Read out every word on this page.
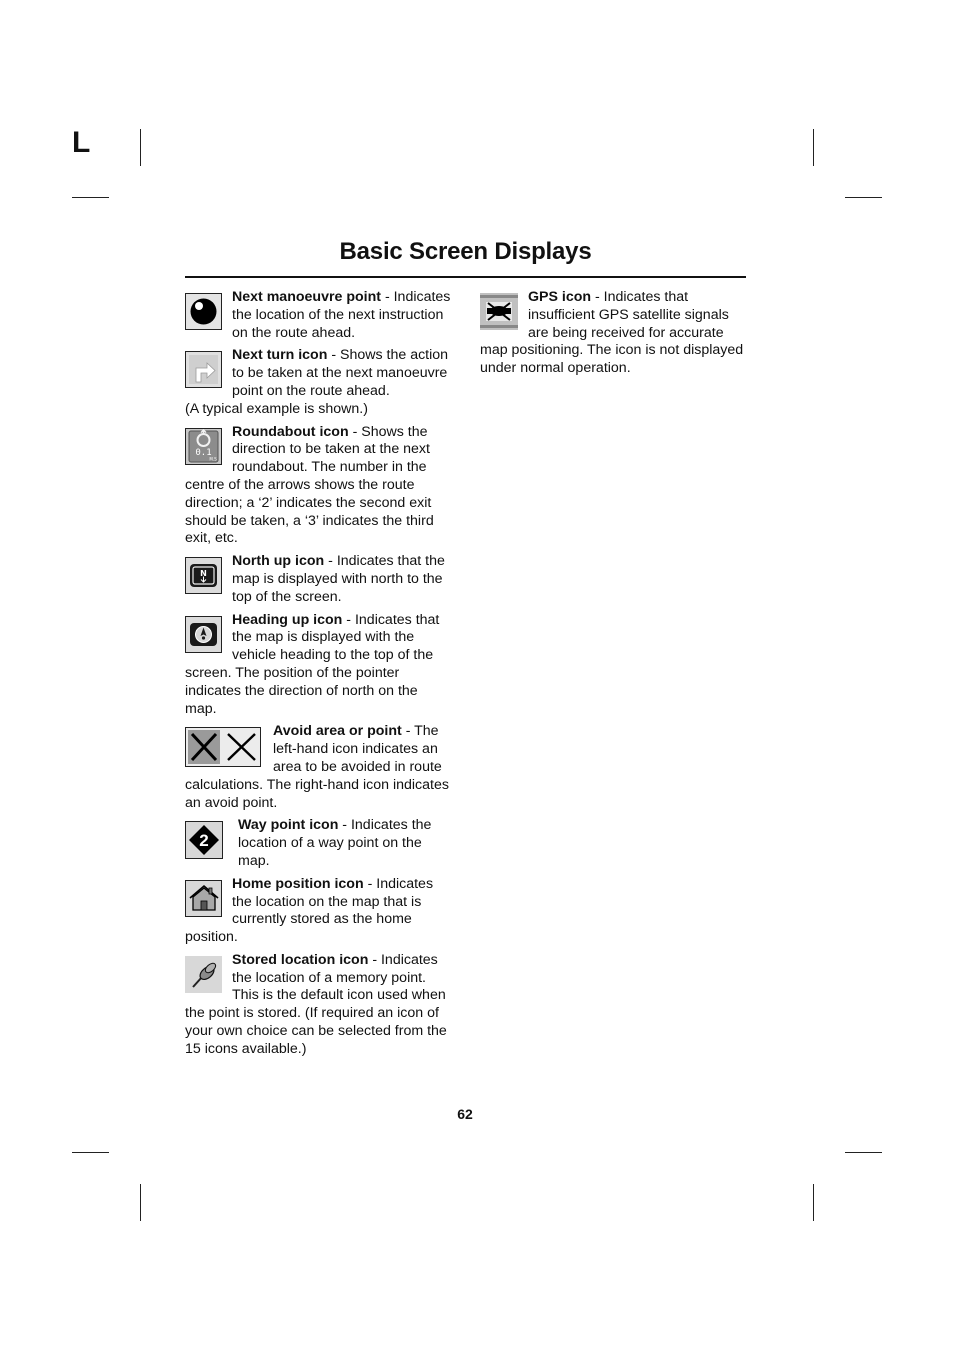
L
Basic Screen Displays

Next manoeuvre point - Indicates the location of the next instruction on the route ahead.

Next turn icon - Shows the action to be taken at the next manoeuvre point on the route ahead.

(A typical example is shown.)

0.1
M.S

Roundabout icon - Shows the direction to be taken at the next roundabout. The number in the centre of the arrows shows the route direction; a ‘2’ indicates the second exit should be taken, a ‘3’ indicates the third exit, etc.

N

North up icon - Indicates that the map is displayed with north to the top of the screen.

Heading up icon - Indicates that the map is displayed with the vehicle heading to the top of the screen. The position of the pointer indicates the direction of north on the map.

Avoid area or point - The left-hand icon indicates an area to be avoided in route calculations. The right-hand icon indicates an avoid point.

2

Way point icon - Indicates the location of a way point on the map.

Home position icon - Indicates the location on the map that is currently stored as the home position.

Stored location icon - Indicates the location of a memory point. This is the default icon used when the point is stored. (If required an icon of your own choice can be selected from the 15 icons available.)

GPS icon - Indicates that insufficient GPS satellite signals are being received for accurate map positioning. The icon is not displayed under normal operation.

62
